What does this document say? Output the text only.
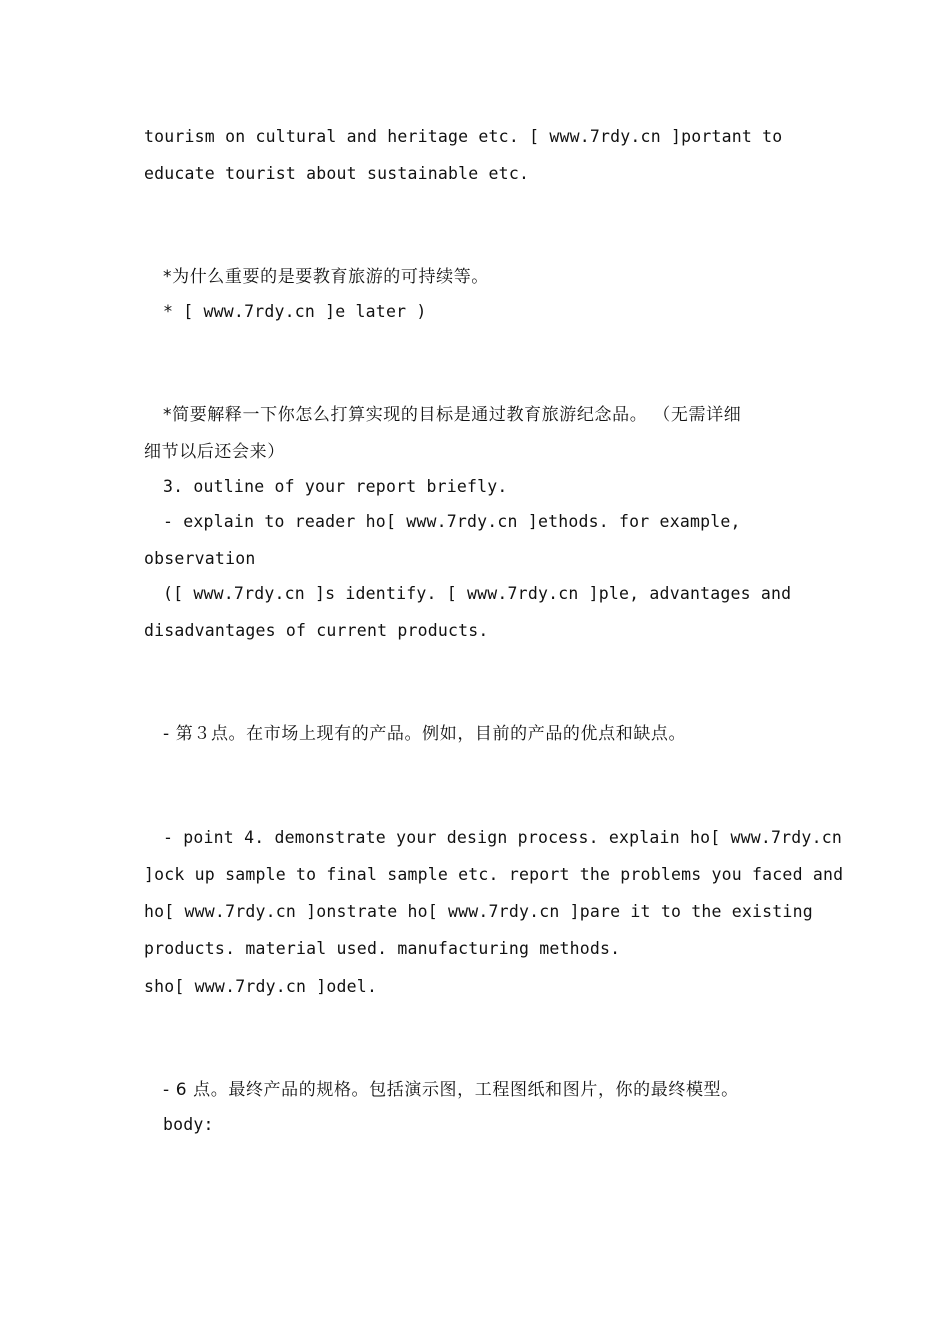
tourism on cultural and heritage etc. [ www.7rdy.cn ]portant to
educate tourist about sustainable etc.
*为什么重要的是要教育旅游的可持续等。
* [ www.7rdy.cn ]e later )
*简要解释一下你怎么打算实现的目标是通过教育旅游纪念品。 （无需详细
细节以后还会来）
3. outline of your report briefly.
- explain to reader ho[ www.7rdy.cn ]ethods. for example,
observation
([ www.7rdy.cn ]s identify. [ www.7rdy.cn ]ple, advantages and
disadvantages of current products.
- 第３点。在市场上现有的产品。例如，目前的产品的优点和缺点。
- point 4. demonstrate your design process. explain ho[ www.7rdy.cn
]ock up sample to final sample etc. report the problems you faced and
ho[ www.7rdy.cn ]onstrate ho[ www.7rdy.cn ]pare it to the existing
products. material used. manufacturing methods.
sho[ www.7rdy.cn ]odel.
- 6 点。最终产品的规格。包括演示图，工程图纸和图片，你的最终模型。
body:
